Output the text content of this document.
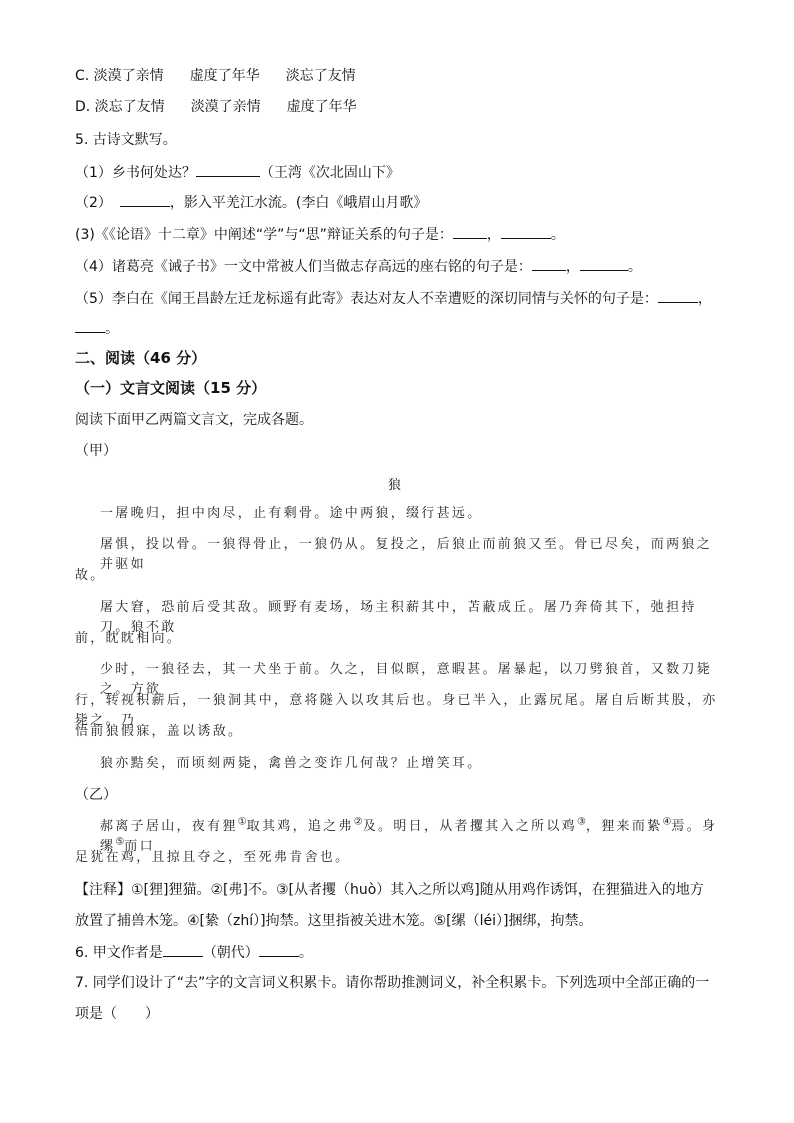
C. 淡漠了亲情 虚度了年华 淡忘了友情
D. 淡忘了友情 淡漠了亲情 虚度了年华
5. 古诗文默写。
（1）乡书何处达？	（王湾《次北固山下》
（2）	，影入平羌江水流。(李白《峨眉山月歌》
(3)《《论语》十二章》中阐述“学”与“思”辩证关系的句子是： ，	。
（4）诸葛亮《诫子书》一文中常被人们当做志存高远的座右铭的句子是： ，	。
（5）李白在《闻王昌龄左迁龙标遥有此寄》表达对友人不幸遭贬的深切同情与关怀的句子是：	，
。
二、阅读（46 分）
（一）文言文阅读（15 分）
阅读下面甲乙两篇文言文，完成各题。
（甲）
狼
一屠晚归，担中肉尽，止有剩骨。途中两狼，缀行甚远。
屠惧，投以骨。一狼得骨止，一狼仍从。复投之，后狼止而前狼又至。骨已尽矣，而两狼之并驱如
故。
屠大窘，恐前后受其敌。顾野有麦场，场主积薪其中，苫蔽成丘。屠乃奔倚其下，弛担持刀。狼不敢
前，眈眈相向。
少时，一狼径去，其一犬坐于前。久之，目似瞑，意暇甚。屠暴起，以刀劈狼首，又数刀毙之。方欲
行，转视积薪后，一狼洞其中，意将隧入以攻其后也。身已半入，止露尻尾。屠自后断其股，亦毙之。乃
悟前狼假寐，盖以诱敌。
狼亦黠矣，而顷刻两毙，禽兽之变诈几何哉？止增笑耳。
（乙）
郝离子居山，夜有狸①取其鸡，追之弗②及。明日，从者攫其入之所以鸡③，狸来而絷④焉。身缧⑤而口
足犹在鸡，且掠且夺之，至死弗肯舍也。
【注释】①[狸]狸猫。②[弗]不。③[从者攫（huò）其入之所以鸡]随从用鸡作诱饵，在狸猫进入的地方
放置了捕兽木笼。④[絷（zhí）]拘禁。这里指被关进木笼。⑤[缧（léi）]捆绑，拘禁。
6. 甲文作者是	（朝代）	。
7. 同学们设计了“去”字的文言词义积累卡。请你帮助推测词义，补全积累卡。下列选项中全部正确的一
项是（　　）
